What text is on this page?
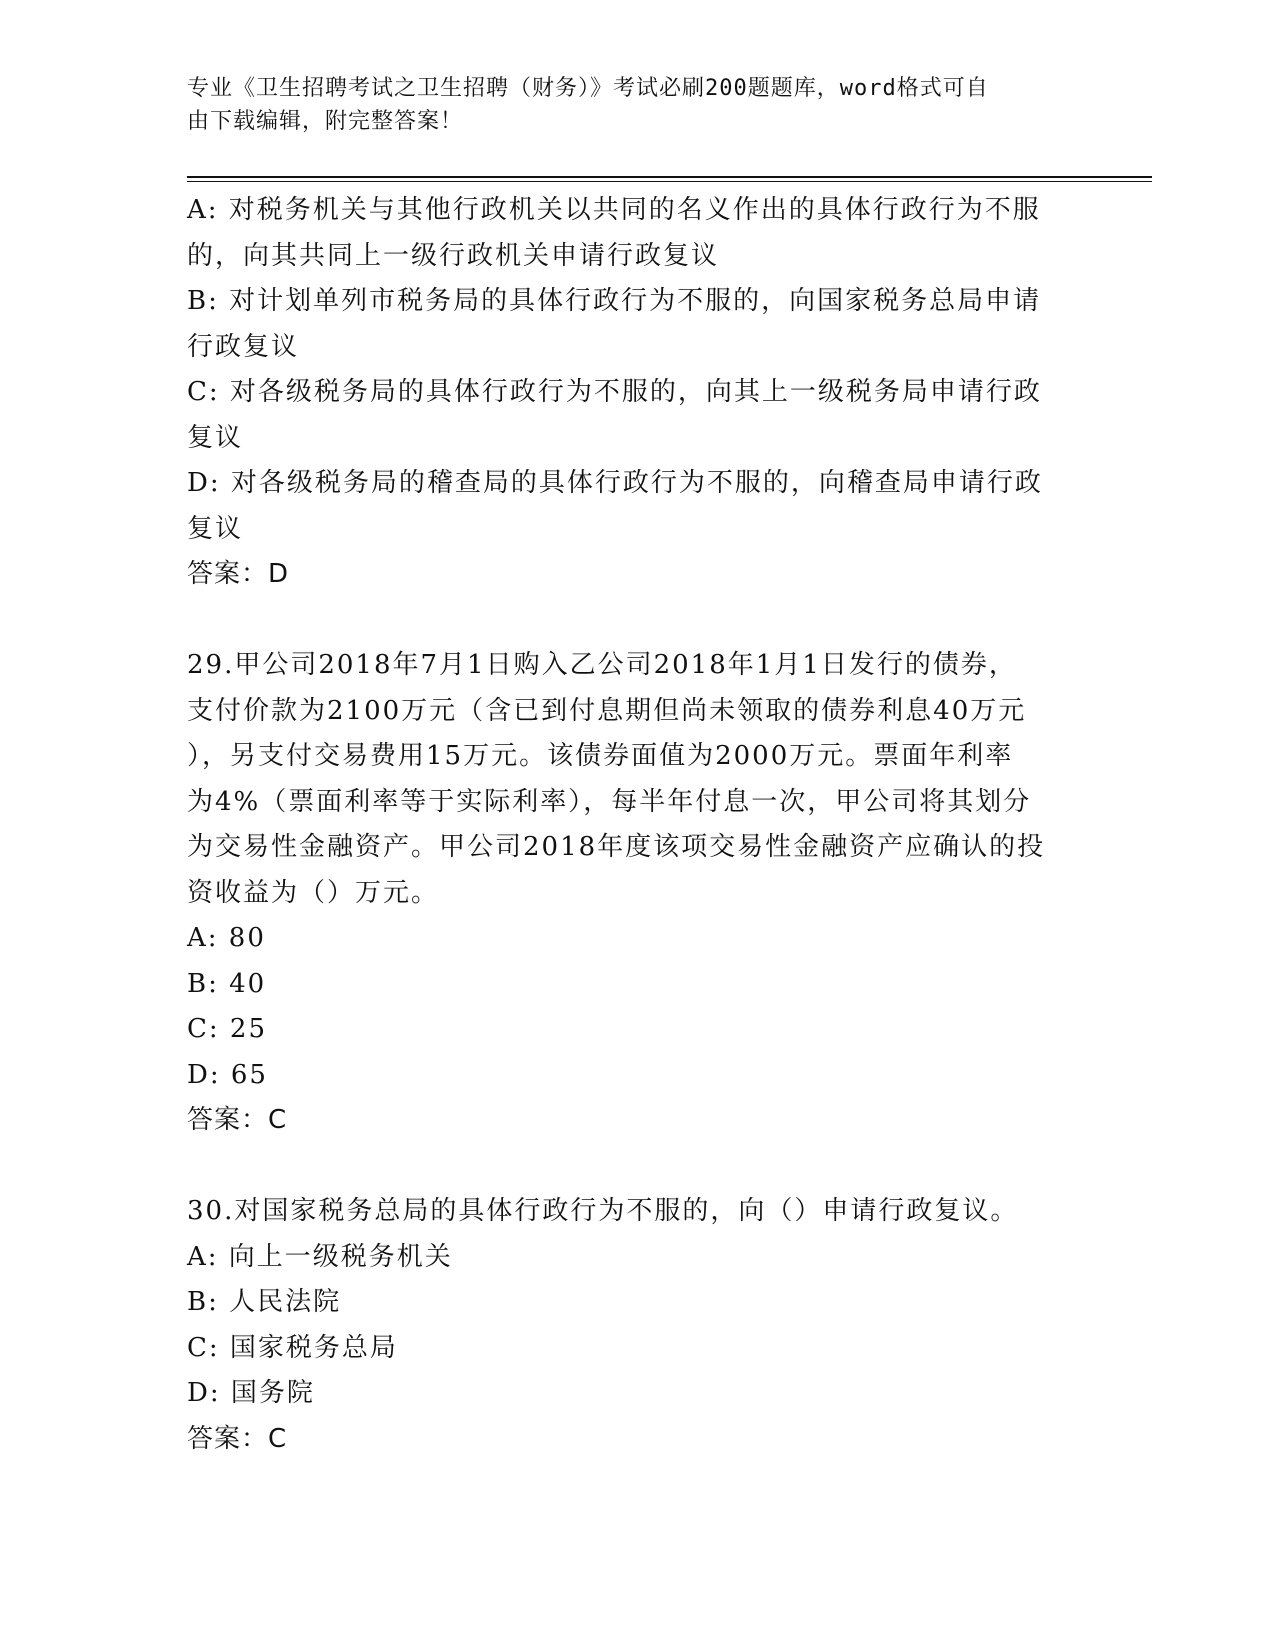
专业《卫生招聘考试之卫生招聘（财务）》考试必刷200题题库，word格式可自
由下载编辑，附完整答案！
A: 对税务机关与其他行政机关以共同的名义作出的具体行政行为不服
的，向其共同上一级行政机关申请行政复议
B: 对计划单列市税务局的具体行政行为不服的，向国家税务总局申请
行政复议
C: 对各级税务局的具体行政行为不服的，向其上一级税务局申请行政
复议
D: 对各级税务局的稽查局的具体行政行为不服的，向稽查局申请行政
复议
答案：D
29.甲公司2018年7月1日购入乙公司2018年1月1日发行的债券，
支付价款为2100万元（含已到付息期但尚未领取的债券利息40万元
），另支付交易费用15万元。该债券面值为2000万元。票面年利率
为4%（票面利率等于实际利率），每半年付息一次，甲公司将其划分
为交易性金融资产。甲公司2018年度该项交易性金融资产应确认的投
资收益为（）万元。
A: 80
B: 40
C: 25
D: 65
答案：C
30.对国家税务总局的具体行政行为不服的，向（）申请行政复议。
A: 向上一级税务机关
B: 人民法院
C: 国家税务总局
D: 国务院
答案：C
